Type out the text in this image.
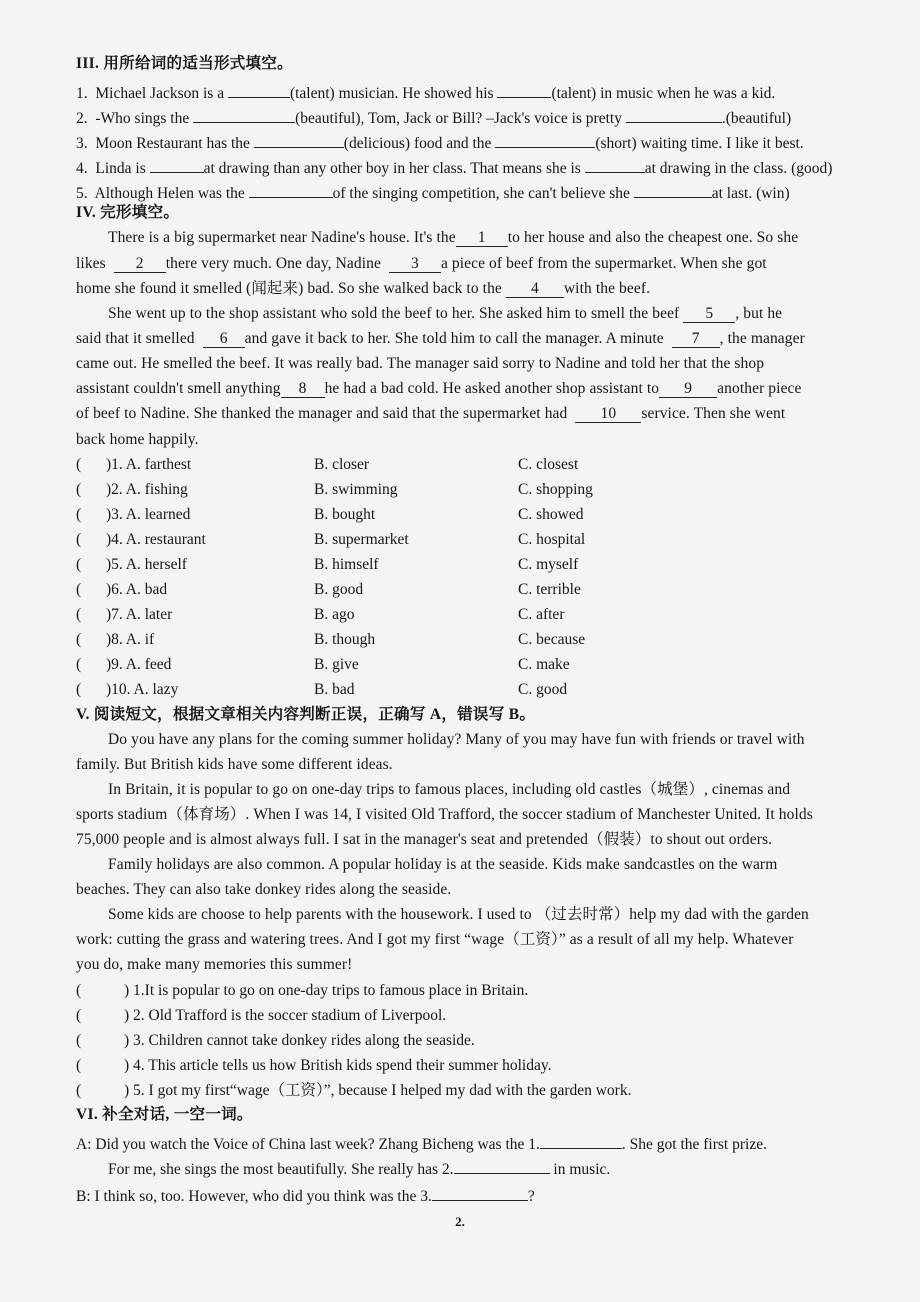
III. 用所给词的适当形式填空。
1. Michael Jackson is a	(talent) musician. He showed his	(talent) in music when he was a kid.
2. -Who sings the	(beautiful), Tom, Jack or Bill? –Jack's voice is pretty	.(beautiful)
3. Moon Restaurant has the	(delicious) food and the	(short) waiting time. I like it best.
4. Linda is	at drawing than any other boy in her class. That means she is	at drawing in the class. (good)
5. Although Helen was the	of the singing competition, she can't believe she	at last. (win)
IV. 完形填空。
There is a big supermarket near Nadine's house. It's the 1 to her house and also the cheapest one. So she
likes 2 there very much. One day, Nadine 3 a piece of beef from the supermarket. When she got
home she found it smelled (闻起来) bad. So she walked back to the 4 with the beef.
She went up to the shop assistant who sold the beef to her. She asked him to smell the beef 5 , but he
said that it smelled 6 and gave it back to her. She told him to call the manager. A minute 7 , the manager
came out. He smelled the beef. It was really bad. The manager said sorry to Nadine and told her that the shop
assistant couldn't smell anything 8 he had a bad cold. He asked another shop assistant to 9 another piece
of beef to Nadine. She thanked the manager and said that the supermarket had 10 service. Then she went
back home happily.
( )1. A. farthest	B. closer	C. closest
( )2. A. fishing	B. swimming	C. shopping
( )3. A. learned	B. bought	C. showed
( )4. A. restaurant	B. supermarket	C. hospital
( )5. A. herself	B. himself	C. myself
( )6. A. bad	B. good	C. terrible
( )7. A. later	B. ago	C. after
( )8. A. if	B. though	C. because
( )9. A. feed	B. give	C. make
( )10. A. lazy	B. bad	C. good
V. 阅读短文，根据文章相关内容判断正误，正确写 A，错误写 B。
Do you have any plans for the coming summer holiday? Many of you may have fun with friends or travel with
family. But British kids have some different ideas.
In Britain, it is popular to go on one-day trips to famous places, including old castles（城堡）, cinemas and
sports stadium（体育场）. When I was 14, I visited Old Trafford, the soccer stadium of Manchester United. It holds
75,000 people and is almost always full. I sat in the manager's seat and pretended（假装）to shout out orders.
Family holidays are also common. A popular holiday is at the seaside. Kids make sandcastles on the warm
beaches. They can also take donkey rides along the seaside.
Some kids are choose to help parents with the housework. I used to （过去时常）help my dad with the garden
work: cutting the grass and watering trees. And I got my first “wage（工资）” as a result of all my help. Whatever
you do, make many memories this summer!
(	) 1.It is popular to go on one-day trips to famous place in Britain.
(	) 2. Old Trafford is the soccer stadium of Liverpool.
(	) 3. Children cannot take donkey rides along the seaside.
(	) 4. This article tells us how British kids spend their summer holiday.
(	) 5. I got my first“wage（工资）”, because I helped my dad with the garden work.
VI. 补全对话, 一空一词。
A: Did you watch the Voice of China last week? Zhang Bicheng was the 1.	. She got the first prize.
For me, she sings the most beautifully. She really has 2.	in music.
B: I think so, too. However, who did you think was the 3.	?
2.
